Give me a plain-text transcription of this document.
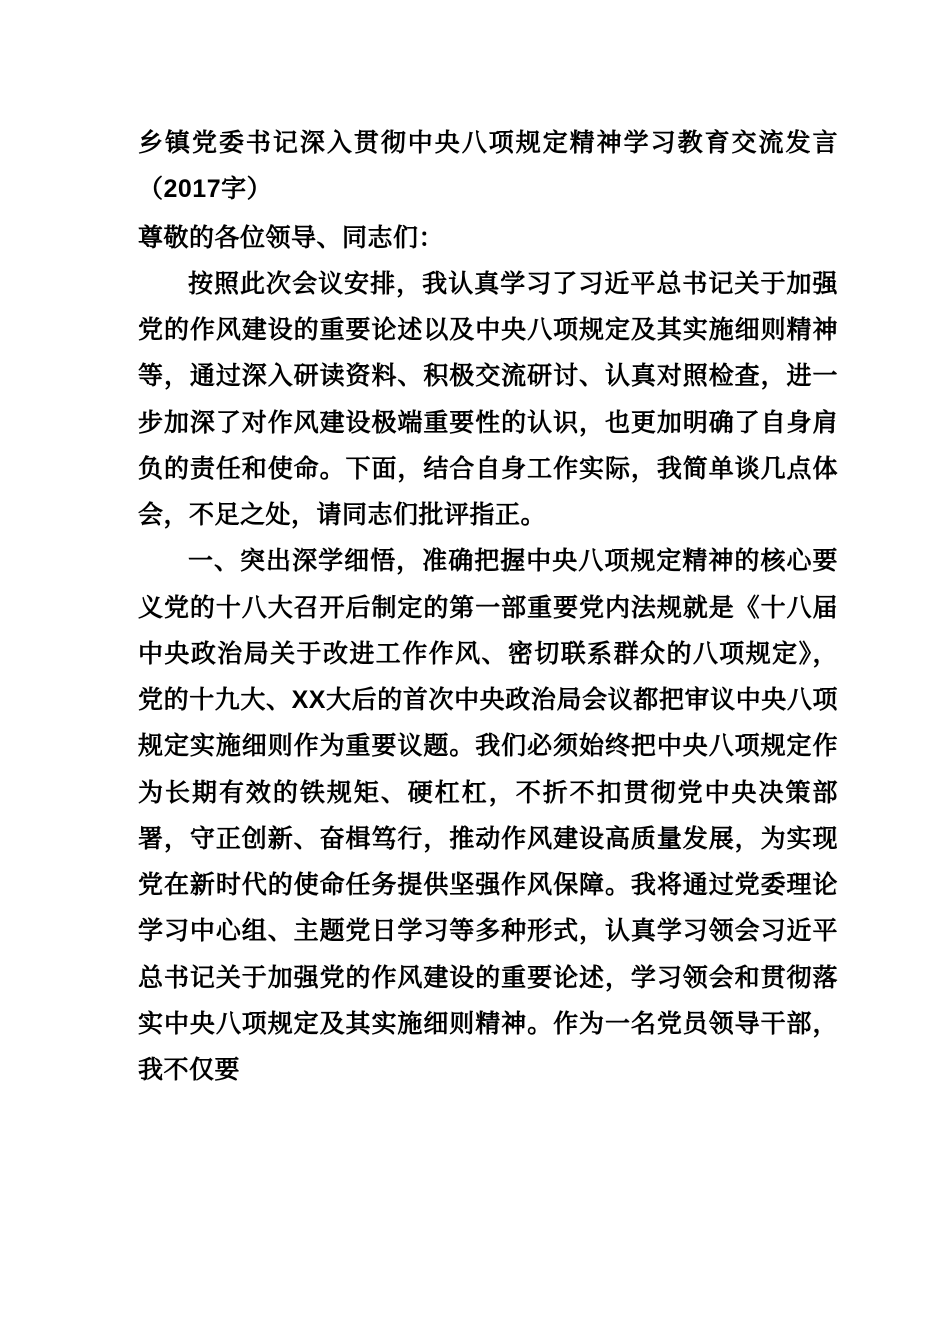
乡镇党委书记深入贯彻中央八项规定精神学习教育交流发言（2017字）

尊敬的各位领导、同志们：

按照此次会议安排，我认真学习了习近平总书记关于加强党的作风建设的重要论述以及中央八项规定及其实施细则精神等，通过深入研读资料、积极交流研讨、认真对照检查，进一步加深了对作风建设极端重要性的认识，也更加明确了自身肩负的责任和使命。下面，结合自身工作实际，我简单谈几点体会，不足之处，请同志们批评指正。

一、突出深学细悟，准确把握中央八项规定精神的核心要义党的十八大召开后制定的第一部重要党内法规就是《十八届中央政治局关于改进工作作风、密切联系群众的八项规定》，党的十九大、XX大后的首次中央政治局会议都把审议中央八项规定实施细则作为重要议题。我们必须始终把中央八项规定作为长期有效的铁规矩、硬杠杠，不折不扣贯彻党中央决策部署，守正创新、奋楫笃行，推动作风建设高质量发展，为实现党在新时代的使命任务提供坚强作风保障。我将通过党委理论学习中心组、主题党日学习等多种形式，认真学习领会习近平总书记关于加强党的作风建设的重要论述，学习领会和贯彻落实中央八项规定及其实施细则精神。作为一名党员领导干部，我不仅要
